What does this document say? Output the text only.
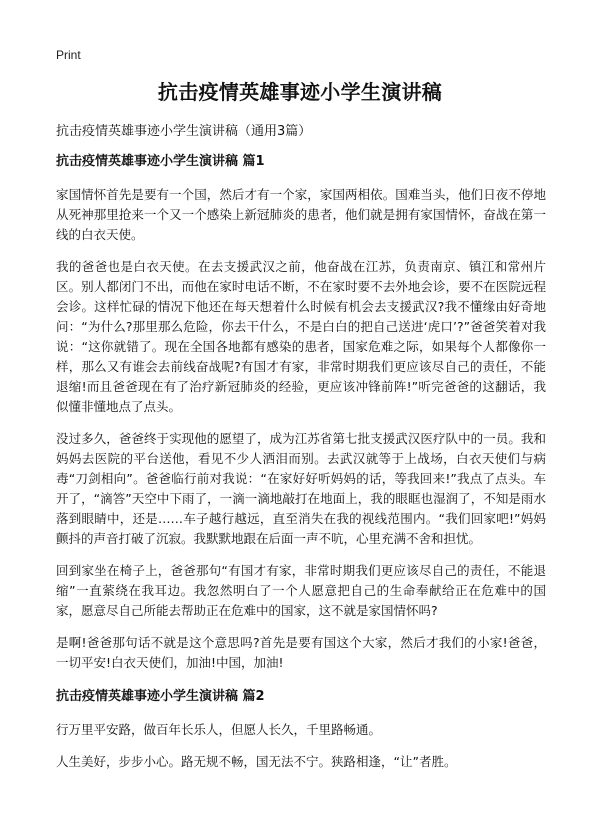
Print
抗击疫情英雄事迹小学生演讲稿

抗击疫情英雄事迹小学生演讲稿（通用3篇）

抗击疫情英雄事迹小学生演讲稿 篇1

家国情怀首先是要有一个国，然后才有一个家，家国两相依。国难当头，他们日夜不停地从死神那里抢来一个又一个感染上新冠肺炎的患者，他们就是拥有家国情怀，奋战在第一线的白衣天使。

我的爸爸也是白衣天使。在去支援武汉之前，他奋战在江苏，负责南京、镇江和常州片区。别人都闭门不出，而他在家时电话不断，不在家时要不去外地会诊，要不在医院远程会诊。这样忙碌的情况下他还在每天想着什么时候有机会去支援武汉?我不懂缘由好奇地问：“为什么?那里那么危险，你去干什么，不是白白的把自己送进‘虎口’?”爸爸笑着对我说：“这你就错了。现在全国各地都有感染的患者，国家危难之际，如果每个人都像你一样，那么又有谁会去前线奋战呢?有国才有家，非常时期我们更应该尽自己的责任，不能退缩!而且爸爸现在有了治疗新冠肺炎的经验，更应该冲锋前阵!”听完爸爸的这翻话，我似懂非懂地点了点头。

没过多久，爸爸终于实现他的愿望了，成为江苏省第七批支援武汉医疗队中的一员。我和妈妈去医院的平台送他，看见不少人洒泪而别。去武汉就等于上战场，白衣天使们与病毒“刀剑相向”。爸爸临行前对我说：“在家好好听妈妈的话，等我回来!”我点了点头。车开了，“滴答”天空中下雨了，一滴一滴地敲打在地面上，我的眼眶也湿润了，不知是雨水落到眼睛中，还是……车子越行越远，直至消失在我的视线范围内。“我们回家吧!”妈妈颤抖的声音打破了沉寂。我默默地跟在后面一声不吭，心里充满不舍和担忧。

回到家坐在椅子上，爸爸那句“有国才有家，非常时期我们更应该尽自己的责任，不能退缩”一直萦绕在我耳边。我忽然明白了一个人愿意把自己的生命奉献给正在危难中的国家，愿意尽自己所能去帮助正在危难中的国家，这不就是家国情怀吗?

是啊!爸爸那句话不就是这个意思吗?首先是要有国这个大家，然后才我们的小家!爸爸，一切平安!白衣天使们，加油!中国，加油!

抗击疫情英雄事迹小学生演讲稿 篇2

行万里平安路，做百年长乐人，但愿人长久，千里路畅通。

人生美好，步步小心。路无规不畅，国无法不宁。狭路相逢，“让”者胜。
